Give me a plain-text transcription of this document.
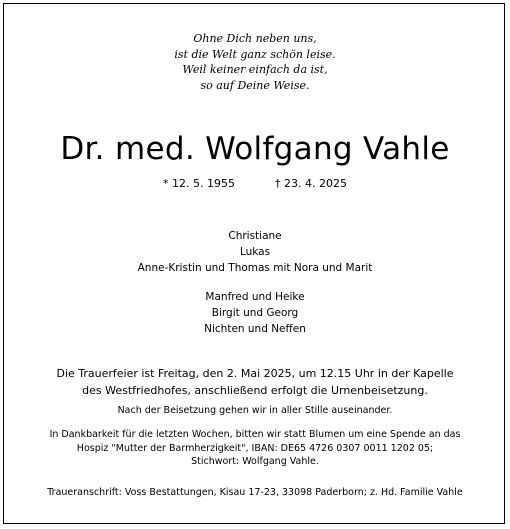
Ohne Dich neben uns,
ist die Welt ganz schön leise.
Weil keiner einfach da ist,
so auf Deine Weise.
Dr. med. Wolfgang Vahle
* 12. 5. 1955	† 23. 4. 2025
Christiane
Lukas
Anne-Kristin und Thomas mit Nora und Marit
Manfred und Heike
Birgit und Georg
Nichten und Neffen
Die Trauerfeier ist Freitag, den 2. Mai 2025, um 12.15 Uhr in der Kapelle
des Westfriedhofes, anschließend erfolgt die Urnenbeisetzung.
Nach der Beisetzung gehen wir in aller Stille auseinander.
In Dankbarkeit für die letzten Wochen, bitten wir statt Blumen um eine Spende an das
Hospiz "Mutter der Barmherzigkeit", IBAN: DE65 4726 0307 0011 1202 05;
Stichwort: Wolfgang Vahle.
Traueranschrift: Voss Bestattungen, Kisau 17-23, 33098 Paderborn; z. Hd. Familie Vahle
